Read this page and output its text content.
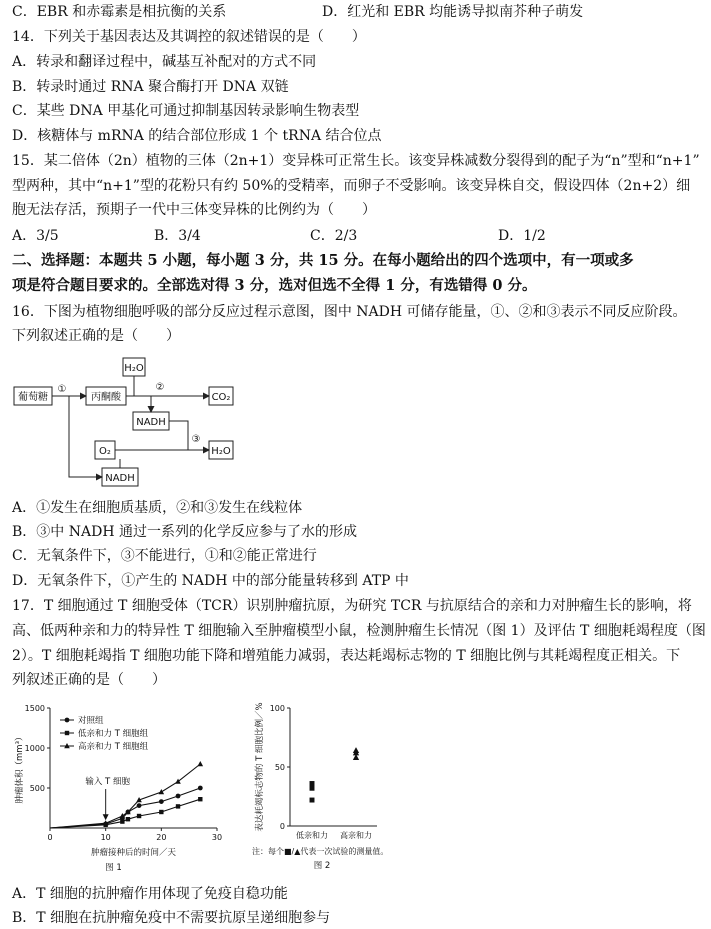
C．EBR 和赤霉素是相抗衡的关系	D．红光和 EBR 均能诱导拟南芥种子萌发
14．下列关于基因表达及其调控的叙述错误的是（　　）
A．转录和翻译过程中，碱基互补配对的方式不同
B．转录时通过 RNA 聚合酶打开 DNA 双链
C．某些 DNA 甲基化可通过抑制基因转录影响生物表型
D．核糖体与 mRNA 的结合部位形成 1 个 tRNA 结合位点
15．某二倍体（2n）植物的三体（2n+1）变异株可正常生长。该变异株减数分裂得到的配子为“n”型和“n+1”
型两种，其中“n+1”型的花粉只有约 50%的受精率，而卵子不受影响。该变异株自交，假设四体（2n+2）细
胞无法存活，预期子一代中三体变异株的比例约为（　　）
A．3/5	B．3/4	C．2/3	D．1/2
二、选择题：本题共 5 小题，每小题 3 分，共 15 分。在每小题给出的四个选项中，有一项或多
项是符合题目要求的。全部选对得 3 分，选对但选不全得 1 分，有选错得 0 分。
16．下图为植物细胞呼吸的部分反应过程示意图，图中 NADH 可储存能量，①、②和③表示不同反应阶段。
下列叙述正确的是（　　）
葡萄糖	丙酮酸
H₂O
CO₂
NADH
O₂	H₂O
NADH
①	②
③
A．①发生在细胞质基质，②和③发生在线粒体
B．③中 NADH 通过一系列的化学反应参与了水的形成
C．无氧条件下，③不能进行，①和②能正常进行
D．无氧条件下，①产生的 NADH 中的部分能量转移到 ATP 中
17．T 细胞通过 T 细胞受体（TCR）识别肿瘤抗原，为研究 TCR 与抗原结合的亲和力对肿瘤生长的影响，将
高、低两种亲和力的特异性 T 细胞输入至肿瘤模型小鼠，检测肿瘤生长情况（图 1）及评估 T 细胞耗竭程度（图
2）。T 细胞耗竭指 T 细胞功能下降和增殖能力减弱，表达耗竭标志物的 T 细胞比例与其耗竭程度正相关。下
列叙述正确的是（　　）
0	10	20	30
500
1000
1500
对照组
低亲和力 T 细胞组
高亲和力 T 细胞组
肿瘤体积（mm³）
肿瘤接种后的时间／天
图 1
输入 T 细胞
0
50
100
低亲和力 高亲和力
表达耗竭标志物的 T 细胞比例／%
注：每个■/▲代表一次试验的测量值。
图 2
A．T 细胞的抗肿瘤作用体现了免疫自稳功能
B．T 细胞在抗肿瘤免疫中不需要抗原呈递细胞参与
